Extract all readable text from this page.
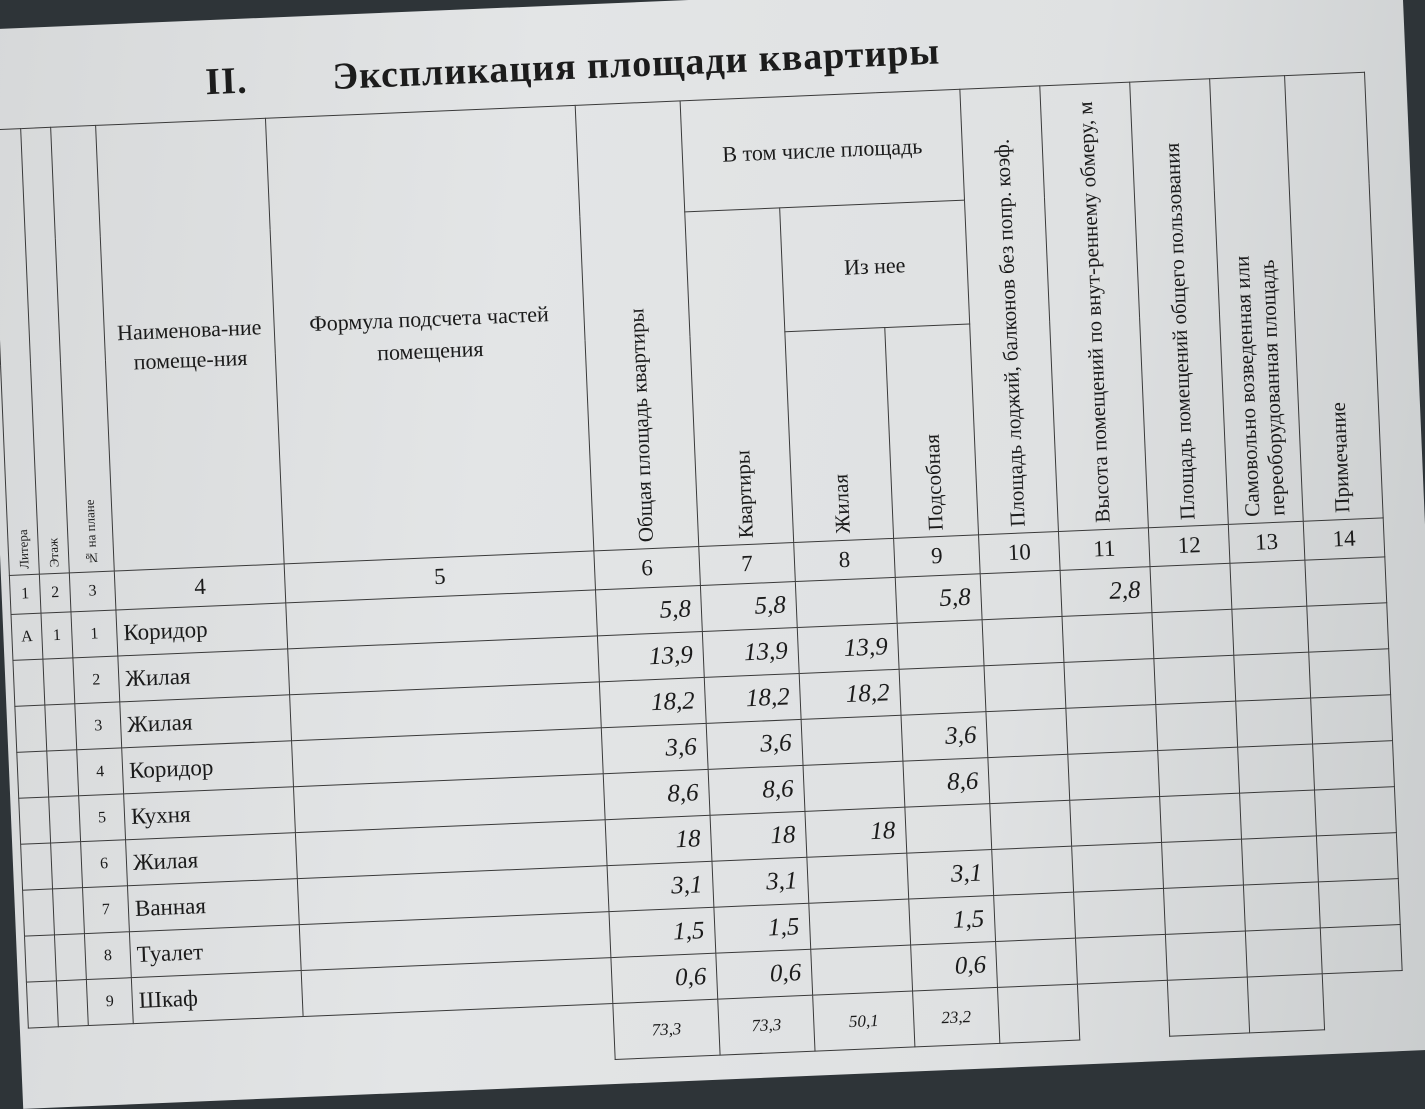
II. Экспликация площади квартиры
Литера	Этаж	№ на плане	Наименова-ние помеще-ния	Формула подсчета частей помещения	Общая площадь квартиры	В том числе площадь			Площадь лоджий, балконов без попр. коэф.	Высота помещений по внут-реннему обмеру, м	Площадь помещений общего пользования	Самовольно возведенная или переоборудованная площадь	Примечание
						Квартиры	Из нее						
							Жилая	Подсобная					
1	2	3	4	5	6	7	8	9	10	11	12	13	14
А	1	1	Коридор		5,8	5,8		5,8		2,8			
		2	Жилая		13,9	13,9	13,9						
		3	Жилая		18,2	18,2	18,2						
		4	Коридор		3,6	3,6		3,6					
		5	Кухня		8,6	8,6		8,6					
		6	Жилая		18	18	18						
		7	Ванная		3,1	3,1		3,1					
		8	Туалет		1,5	1,5		1,5					
		9	Шкаф		0,6	0,6		0,6					
					73,3	73,3	50,1	23,2					
